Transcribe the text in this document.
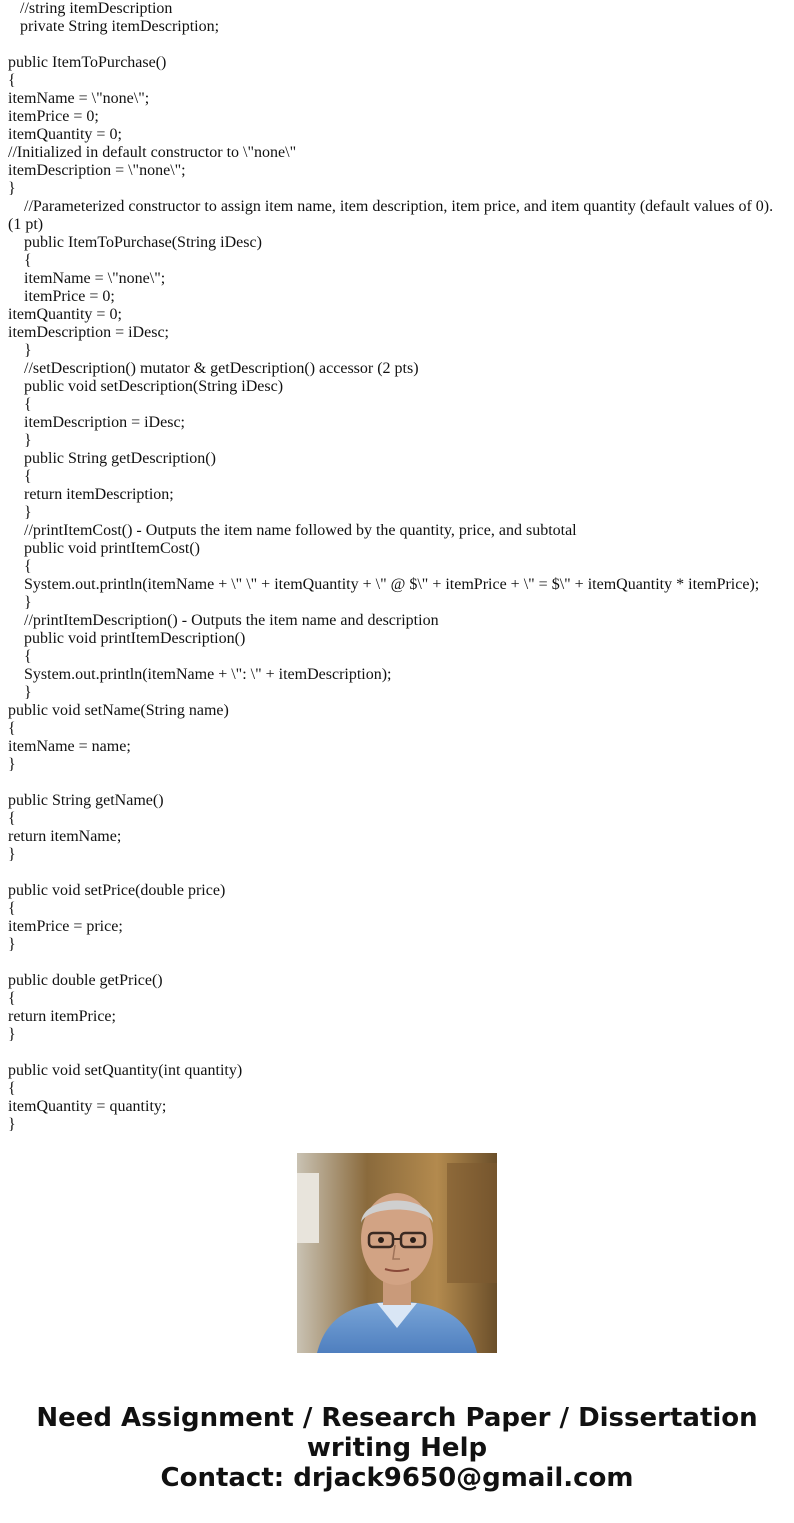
//string itemDescription
private String itemDescription;
public ItemToPurchase()
{
itemName = \"none\";
itemPrice = 0;
itemQuantity = 0;
//Initialized in default constructor to \"none\"
itemDescription = \"none\";
}
//Parameterized constructor to assign item name, item description, item price, and item quantity (default values of 0).
(1 pt)
public ItemToPurchase(String iDesc)
{
itemName = \"none\";
itemPrice = 0;
itemQuantity = 0;
itemDescription = iDesc;
}
//setDescription() mutator & getDescription() accessor (2 pts)
public void setDescription(String iDesc)
{
itemDescription = iDesc;
}
public String getDescription()
{
return itemDescription;
}
//printItemCost() - Outputs the item name followed by the quantity, price, and subtotal
public void printItemCost()
{
System.out.println(itemName + \" \" + itemQuantity + \" @ $\" + itemPrice + \" = $\" + itemQuantity * itemPrice);
}
//printItemDescription() - Outputs the item name and description
public void printItemDescription()
{
System.out.println(itemName + \": \" + itemDescription);
}
public void setName(String name)
{
itemName = name;
}
public String getName()
{
return itemName;
}
public void setPrice(double price)
{
itemPrice = price;
}
public double getPrice()
{
return itemPrice;
}
public void setQuantity(int quantity)
{
itemQuantity = quantity;
}
Need Assignment / Research Paper / Dissertation
writing Help
Contact: drjack9650@gmail.com
